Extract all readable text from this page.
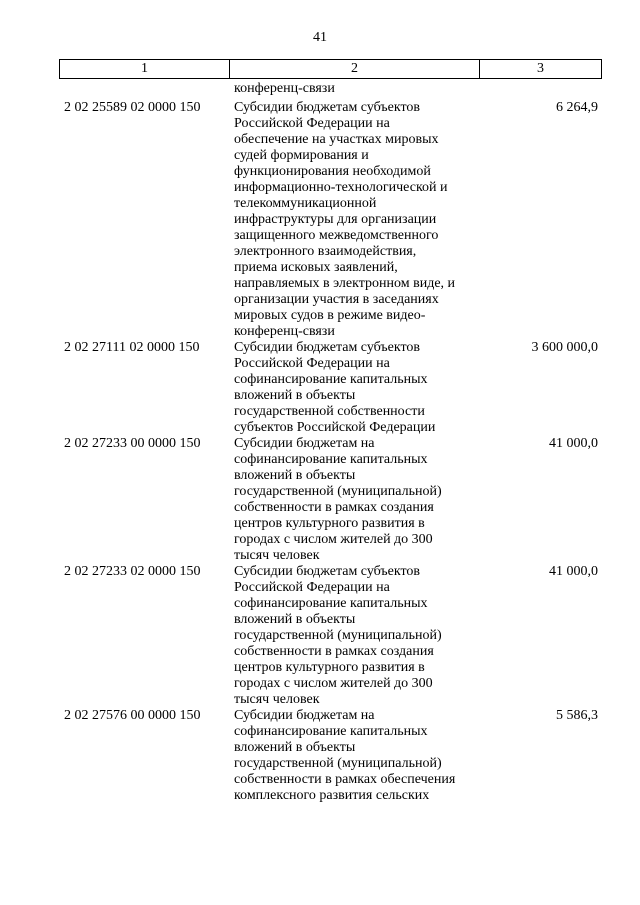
41
1	2	3
конференц-связи
2 02 25589 02 0000 150 Субсидии бюджетам субъектов
Российской Федерации на
обеспечение на участках мировых
судей формирования и
функционирования необходимой
информационно-технологической и
телекоммуникационной
инфраструктуры для организации
защищенного межведомственного
электронного взаимодействия,
приема исковых заявлений,
направляемых в электронном виде, и
организации участия в заседаниях
мировых судов в режиме видео-
конференц-связи
6 264,9
2 02 27111 02 0000 150 Субсидии бюджетам субъектов
Российской Федерации на
софинансирование капитальных
вложений в объекты
государственной собственности
субъектов Российской Федерации
3 600 000,0
2 02 27233 00 0000 150 Субсидии бюджетам на
софинансирование капитальных
вложений в объекты
государственной (муниципальной)
собственности в рамках создания
центров культурного развития в
городах с числом жителей до 300
тысяч человек
41 000,0
2 02 27233 02 0000 150 Субсидии бюджетам субъектов
Российской Федерации на
софинансирование капитальных
вложений в объекты
государственной (муниципальной)
собственности в рамках создания
центров культурного развития в
городах с числом жителей до 300
тысяч человек
41 000,0
2 02 27576 00 0000 150 Субсидии бюджетам на
софинансирование капитальных
вложений в объекты
государственной (муниципальной)
собственности в рамках обеспечения
комплексного развития сельских
5 586,3
